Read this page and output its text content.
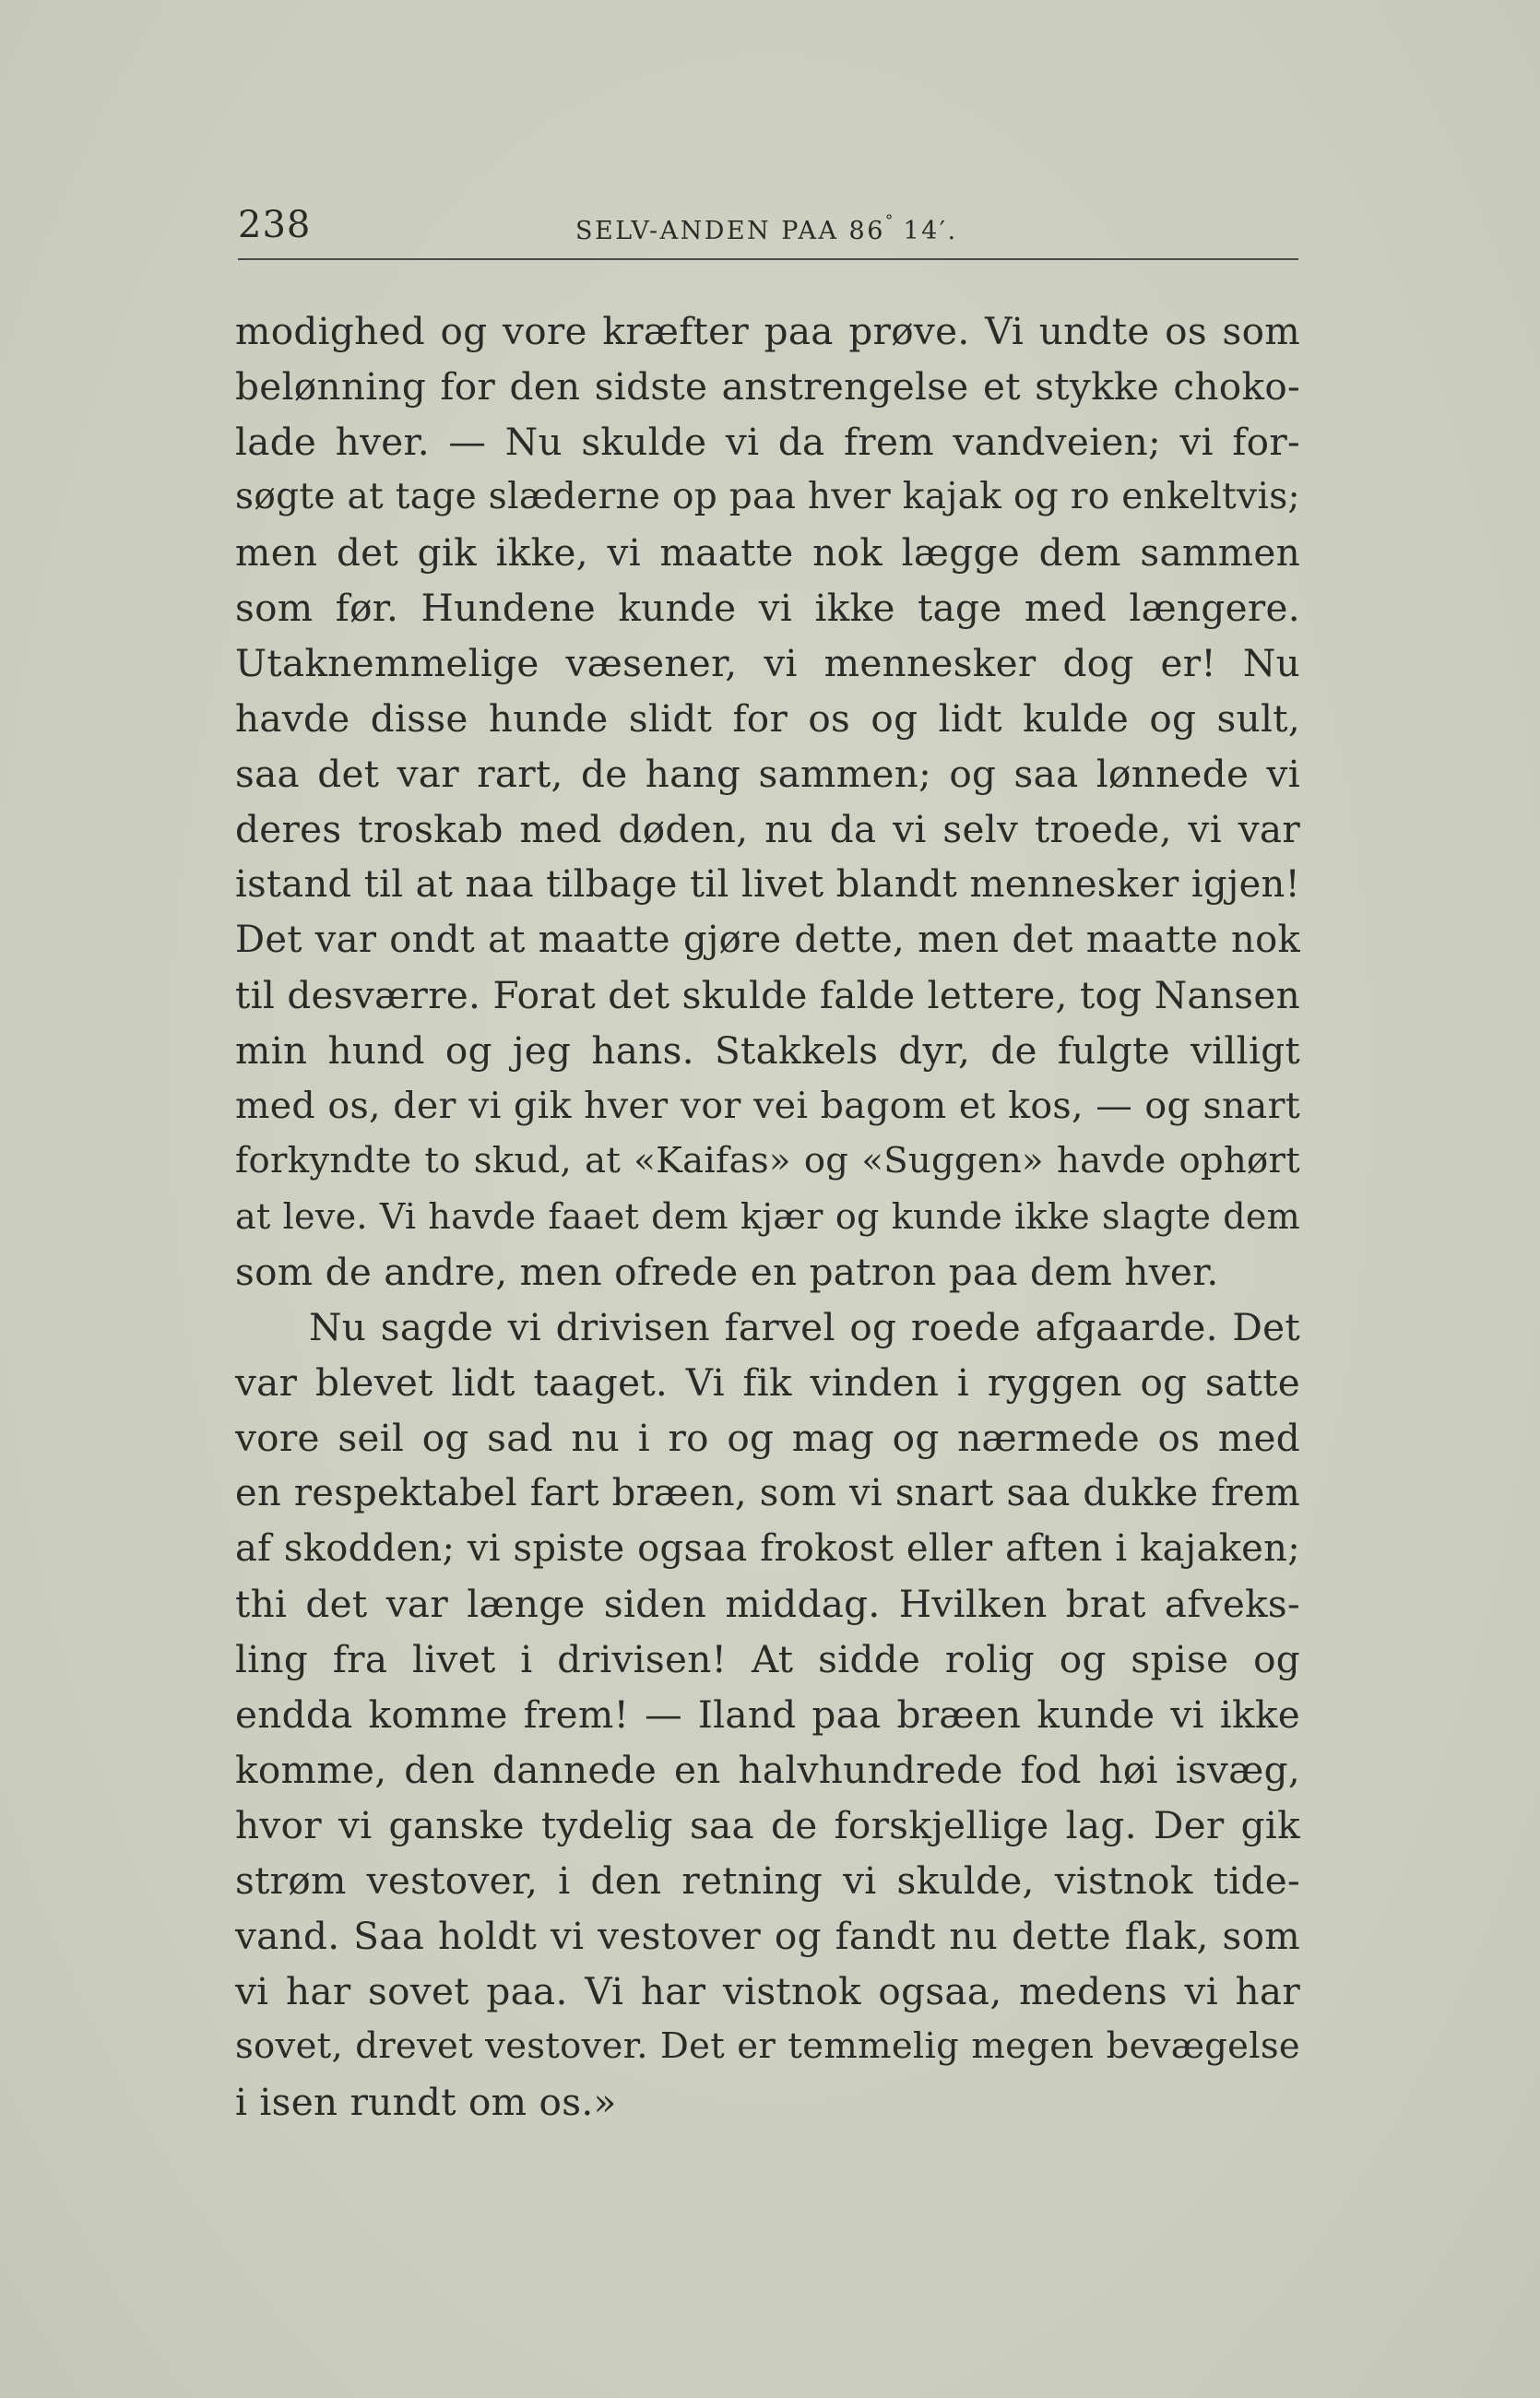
238	SELV-ANDEN PAA 86° 14′.
modighed og vore kræfter paa prøve. Vi undte os som
belønning for den sidste anstrengelse et stykke choko-
lade hver. — Nu skulde vi da frem vandveien; vi for-
søgte at tage slæderne op paa hver kajak og ro enkeltvis;
men det gik ikke, vi maatte nok lægge dem sammen
som før. Hundene kunde vi ikke tage med længere.
Utaknemmelige væsener, vi mennesker dog er! Nu
havde disse hunde slidt for os og lidt kulde og sult,
saa det var rart, de hang sammen; og saa lønnede vi
deres troskab med døden, nu da vi selv troede, vi var
istand til at naa tilbage til livet blandt mennesker igjen!
Det var ondt at maatte gjøre dette, men det maatte nok
til desværre. Forat det skulde falde lettere, tog Nansen
min hund og jeg hans. Stakkels dyr, de fulgte villigt
med os, der vi gik hver vor vei bagom et kos, — og snart
forkyndte to skud, at «Kaifas» og «Suggen» havde ophørt
at leve. Vi havde faaet dem kjær og kunde ikke slagte dem
som de andre, men ofrede en patron paa dem hver.
Nu sagde vi drivisen farvel og roede afgaarde. Det
var blevet lidt taaget. Vi fik vinden i ryggen og satte
vore seil og sad nu i ro og mag og nærmede os med
en respektabel fart bræen, som vi snart saa dukke frem
af skodden; vi spiste ogsaa frokost eller aften i kajaken;
thi det var længe siden middag. Hvilken brat afveks-
ling fra livet i drivisen! At sidde rolig og spise og
endda komme frem! — Iland paa bræen kunde vi ikke
komme, den dannede en halvhundrede fod høi isvæg,
hvor vi ganske tydelig saa de forskjellige lag. Der gik
strøm vestover, i den retning vi skulde, vistnok tide-
vand. Saa holdt vi vestover og fandt nu dette flak, som
vi har sovet paa. Vi har vistnok ogsaa, medens vi har
sovet, drevet vestover. Det er temmelig megen bevægelse
i isen rundt om os.»
